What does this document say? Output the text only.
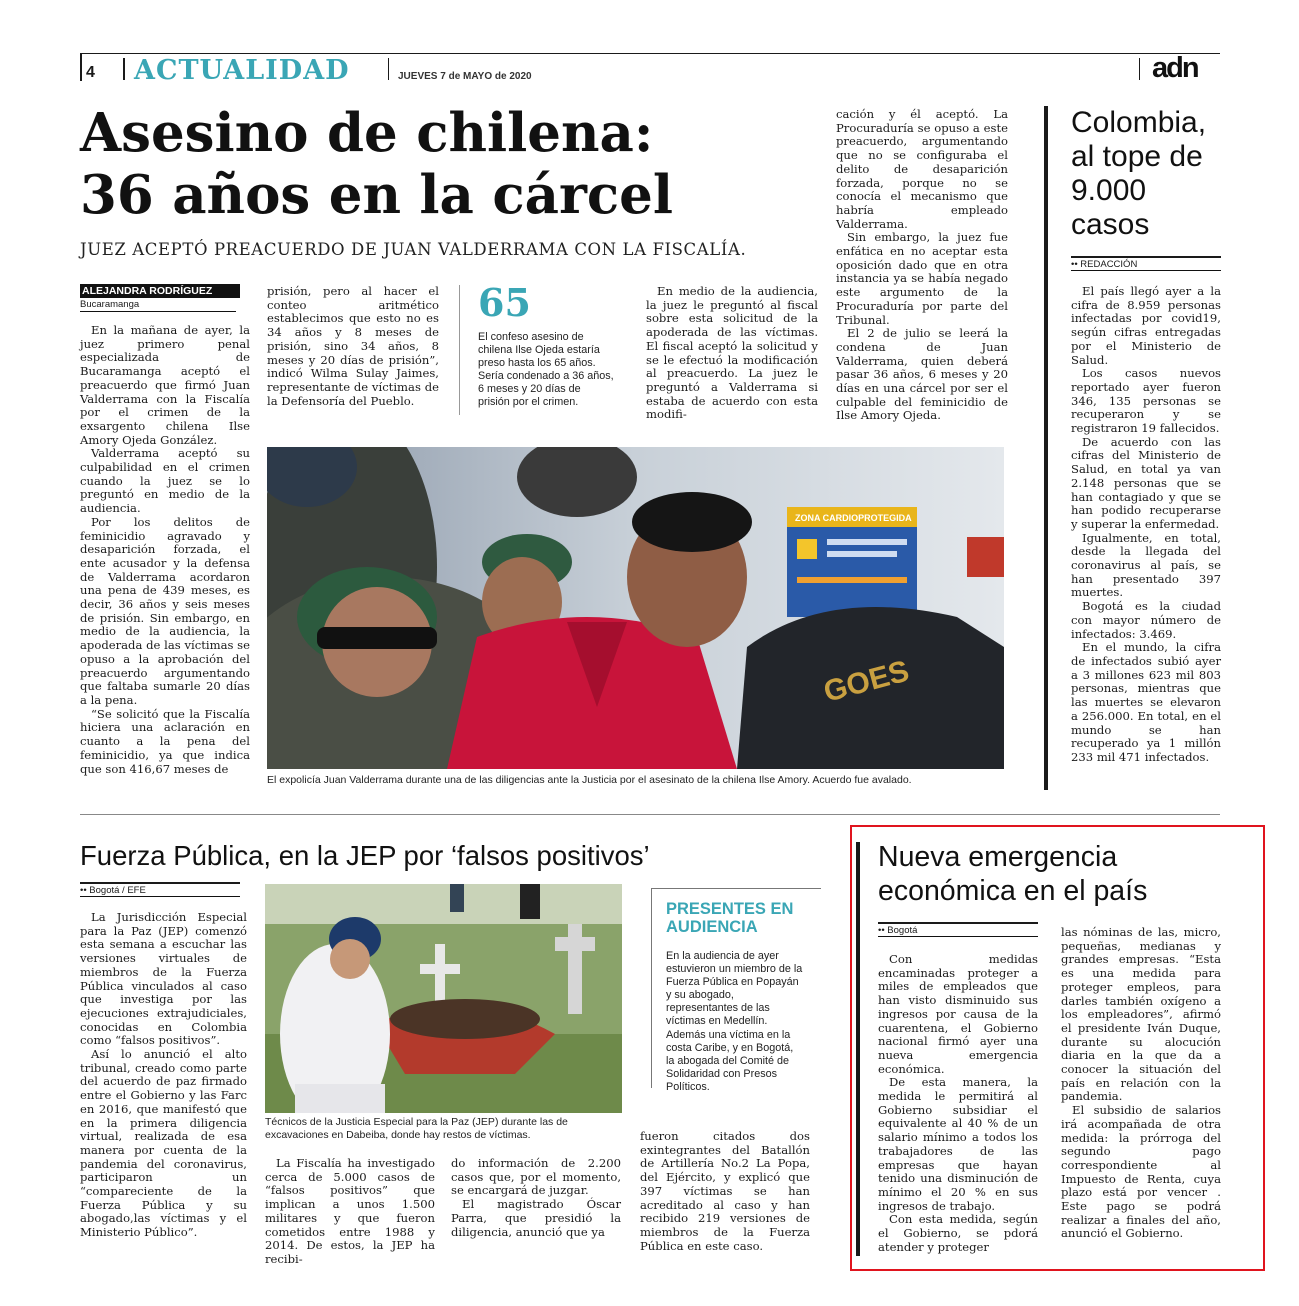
4 ACTUALIDAD	JUEVES 7 de MAYO de 2020	adn
Asesino de chilena:
36 años en la cárcel
JUEZ ACEPTÓ PREACUERDO DE JUAN VALDERRAMA CON LA FISCALÍA.
ALEJANDRA RODRÍGUEZ
Bucaramanga

En la mañana de ayer, la juez primero penal especializada de Bucaramanga aceptó el preacuerdo que firmó Juan Valderrama con la Fiscalía por el crimen de la exsargento chilena Ilse Amory Ojeda González.

Valderrama aceptó su culpabilidad en el crimen cuando la juez se lo preguntó en medio de la audiencia.

Por los delitos de feminicidio agravado y desaparición forzada, el ente acusador y la defensa de Valderrama acordaron una pena de 439 meses, es decir, 36 años y seis meses de prisión. Sin embargo, en medio de la audiencia, la apoderada de las víctimas se opuso a la aprobación del preacuerdo argumentando que faltaba sumarle 20 días a la pena.

“Se solicitó que la Fiscalía hiciera una aclaración en cuanto a la pena del feminicidio, ya que indica que son 416,67 meses de

prisión, pero al hacer el conteo aritmético establecimos que esto no es 34 años y 8 meses de prisión, sino 34 años, 8 meses y 20 días de prisión”, indicó Wilma Sulay Jaimes, representante de víctimas de la Defensoría del Pueblo.

65
El confeso asesino de chilena Ilse Ojeda estaría preso hasta los 65 años. Sería condenado a 36 años, 6 meses y 20 días de prisión por el crimen.

En medio de la audiencia, la juez le preguntó al fiscal sobre esta solicitud de la apoderada de las víctimas. El fiscal aceptó la solicitud y se le efectuó la modificación al preacuerdo. La juez le preguntó a Valderrama si estaba de acuerdo con esta modifi-

cación y él aceptó. La Procuraduría se opuso a este preacuerdo, argumentando que no se configuraba el delito de desaparición forzada, porque no se conocía el mecanismo que habría empleado Valderrama.

Sin embargo, la juez fue enfática en no aceptar esta oposición dado que en otra instancia ya se había negado este argumento de la Procuraduría por parte del Tribunal.

El 2 de julio se leerá la condena de Juan Valderrama, quien deberá pasar 36 años, 6 meses y 20 días en una cárcel por ser el culpable del feminicidio de Ilse Amory Ojeda.

ZONA CARDIOPROTEGIDA
GOES
El expolicía Juan Valderrama durante una de las diligencias ante la Justicia por el asesinato de la chilena Ilse Amory. Acuerdo fue avalado.
Colombia, al tope de 9.000 casos
•• REDACCIÓN

El país llegó ayer a la cifra de 8.959 personas infectadas por covid19, según cifras entregadas por el Ministerio de Salud.

Los casos nuevos reportado ayer fueron 346, 135 personas se recuperaron y se registraron 19 fallecidos.

De acuerdo con las cifras del Ministerio de Salud, en total ya van 2.148 personas que se han contagiado y que se han podido recuperarse y superar la enfermedad.

Igualmente, en total, desde la llegada del coronavirus al país, se han presentado 397 muertes.

Bogotá es la ciudad con mayor número de infectados: 3.469.

En el mundo, la cifra de infectados subió ayer a 3 millones 623 mil 803 personas, mientras que las muertes se elevaron a 256.000. En total, en el mundo se han recuperado ya 1 millón 233 mil 471 infectados.

Fuerza Pública, en la JEP por ‘falsos positivos’
•• Bogotá / EFE

La Jurisdicción Especial para la Paz (JEP) comenzó esta semana a escuchar las versiones virtuales de miembros de la Fuerza Pública vinculados al caso que investiga por las ejecuciones extrajudiciales, conocidas en Colombia como “falsos positivos”.

Así lo anunció el alto tribunal, creado como parte del acuerdo de paz firmado entre el Gobierno y las Farc en 2016, que manifestó que en la primera diligencia virtual, realizada de esa manera por cuenta de la pandemia del coronavirus, participaron un “compareciente de la Fuerza Pública y su abogado,las víctimas y el Ministerio Público”.

Técnicos de la Justicia Especial para la Paz (JEP) durante las de excavaciones en Dabeiba, donde hay restos de víctimas.

La Fiscalía ha investigado cerca de 5.000 casos de “falsos positivos” que implican a unos 1.500 militares y que fueron cometidos entre 1988 y 2014. De estos, la JEP ha recibi-

do información de 2.200 casos que, por el momento, se encargará de juzgar.

El magistrado Óscar Parra, que presidió la diligencia, anunció que ya

PRESENTES EN AUDIENCIA
En la audiencia de ayer estuvieron un miembro de la Fuerza Pública en Popayán y su abogado, representantes de las víctimas en Medellín. Además una víctima en la costa Caribe, y en Bogotá, la abogada del Comité de Solidaridad con Presos Políticos.

fueron citados dos exintegrantes del Batallón de Artillería No.2 La Popa, del Ejército, y explicó que 397 víctimas se han acreditado al caso y han recibido 219 versiones de miembros de la Fuerza Pública en este caso.

Nueva emergencia
económica en el país
•• Bogotá

Con medidas encaminadas proteger a miles de empleados que han visto disminuido sus ingresos por causa de la cuarentena, el Gobierno nacional firmó ayer una nueva emergencia económica.

De esta manera, la medida le permitirá al Gobierno subsidiar el equivalente al 40 % de un salario mínimo a todos los trabajadores de las empresas que hayan tenido una disminución de mínimo el 20 % en sus ingresos de trabajo.

Con esta medida, según el Gobierno, se pdorá atender y proteger

las nóminas de las, micro, pequeñas, medianas y grandes empresas. “Esta es una medida para proteger empleos, para darles también oxígeno a los empleadores”, afirmó el presidente Iván Duque, durante su alocución diaria en la que da a conocer la situación del país en relación con la pandemia.

El subsidio de salarios irá acompañada de otra medida: la prórroga del segundo pago correspondiente al Impuesto de Renta, cuya plazo está por vencer . Este pago se podrá realizar a finales del año, anunció el Gobierno.
